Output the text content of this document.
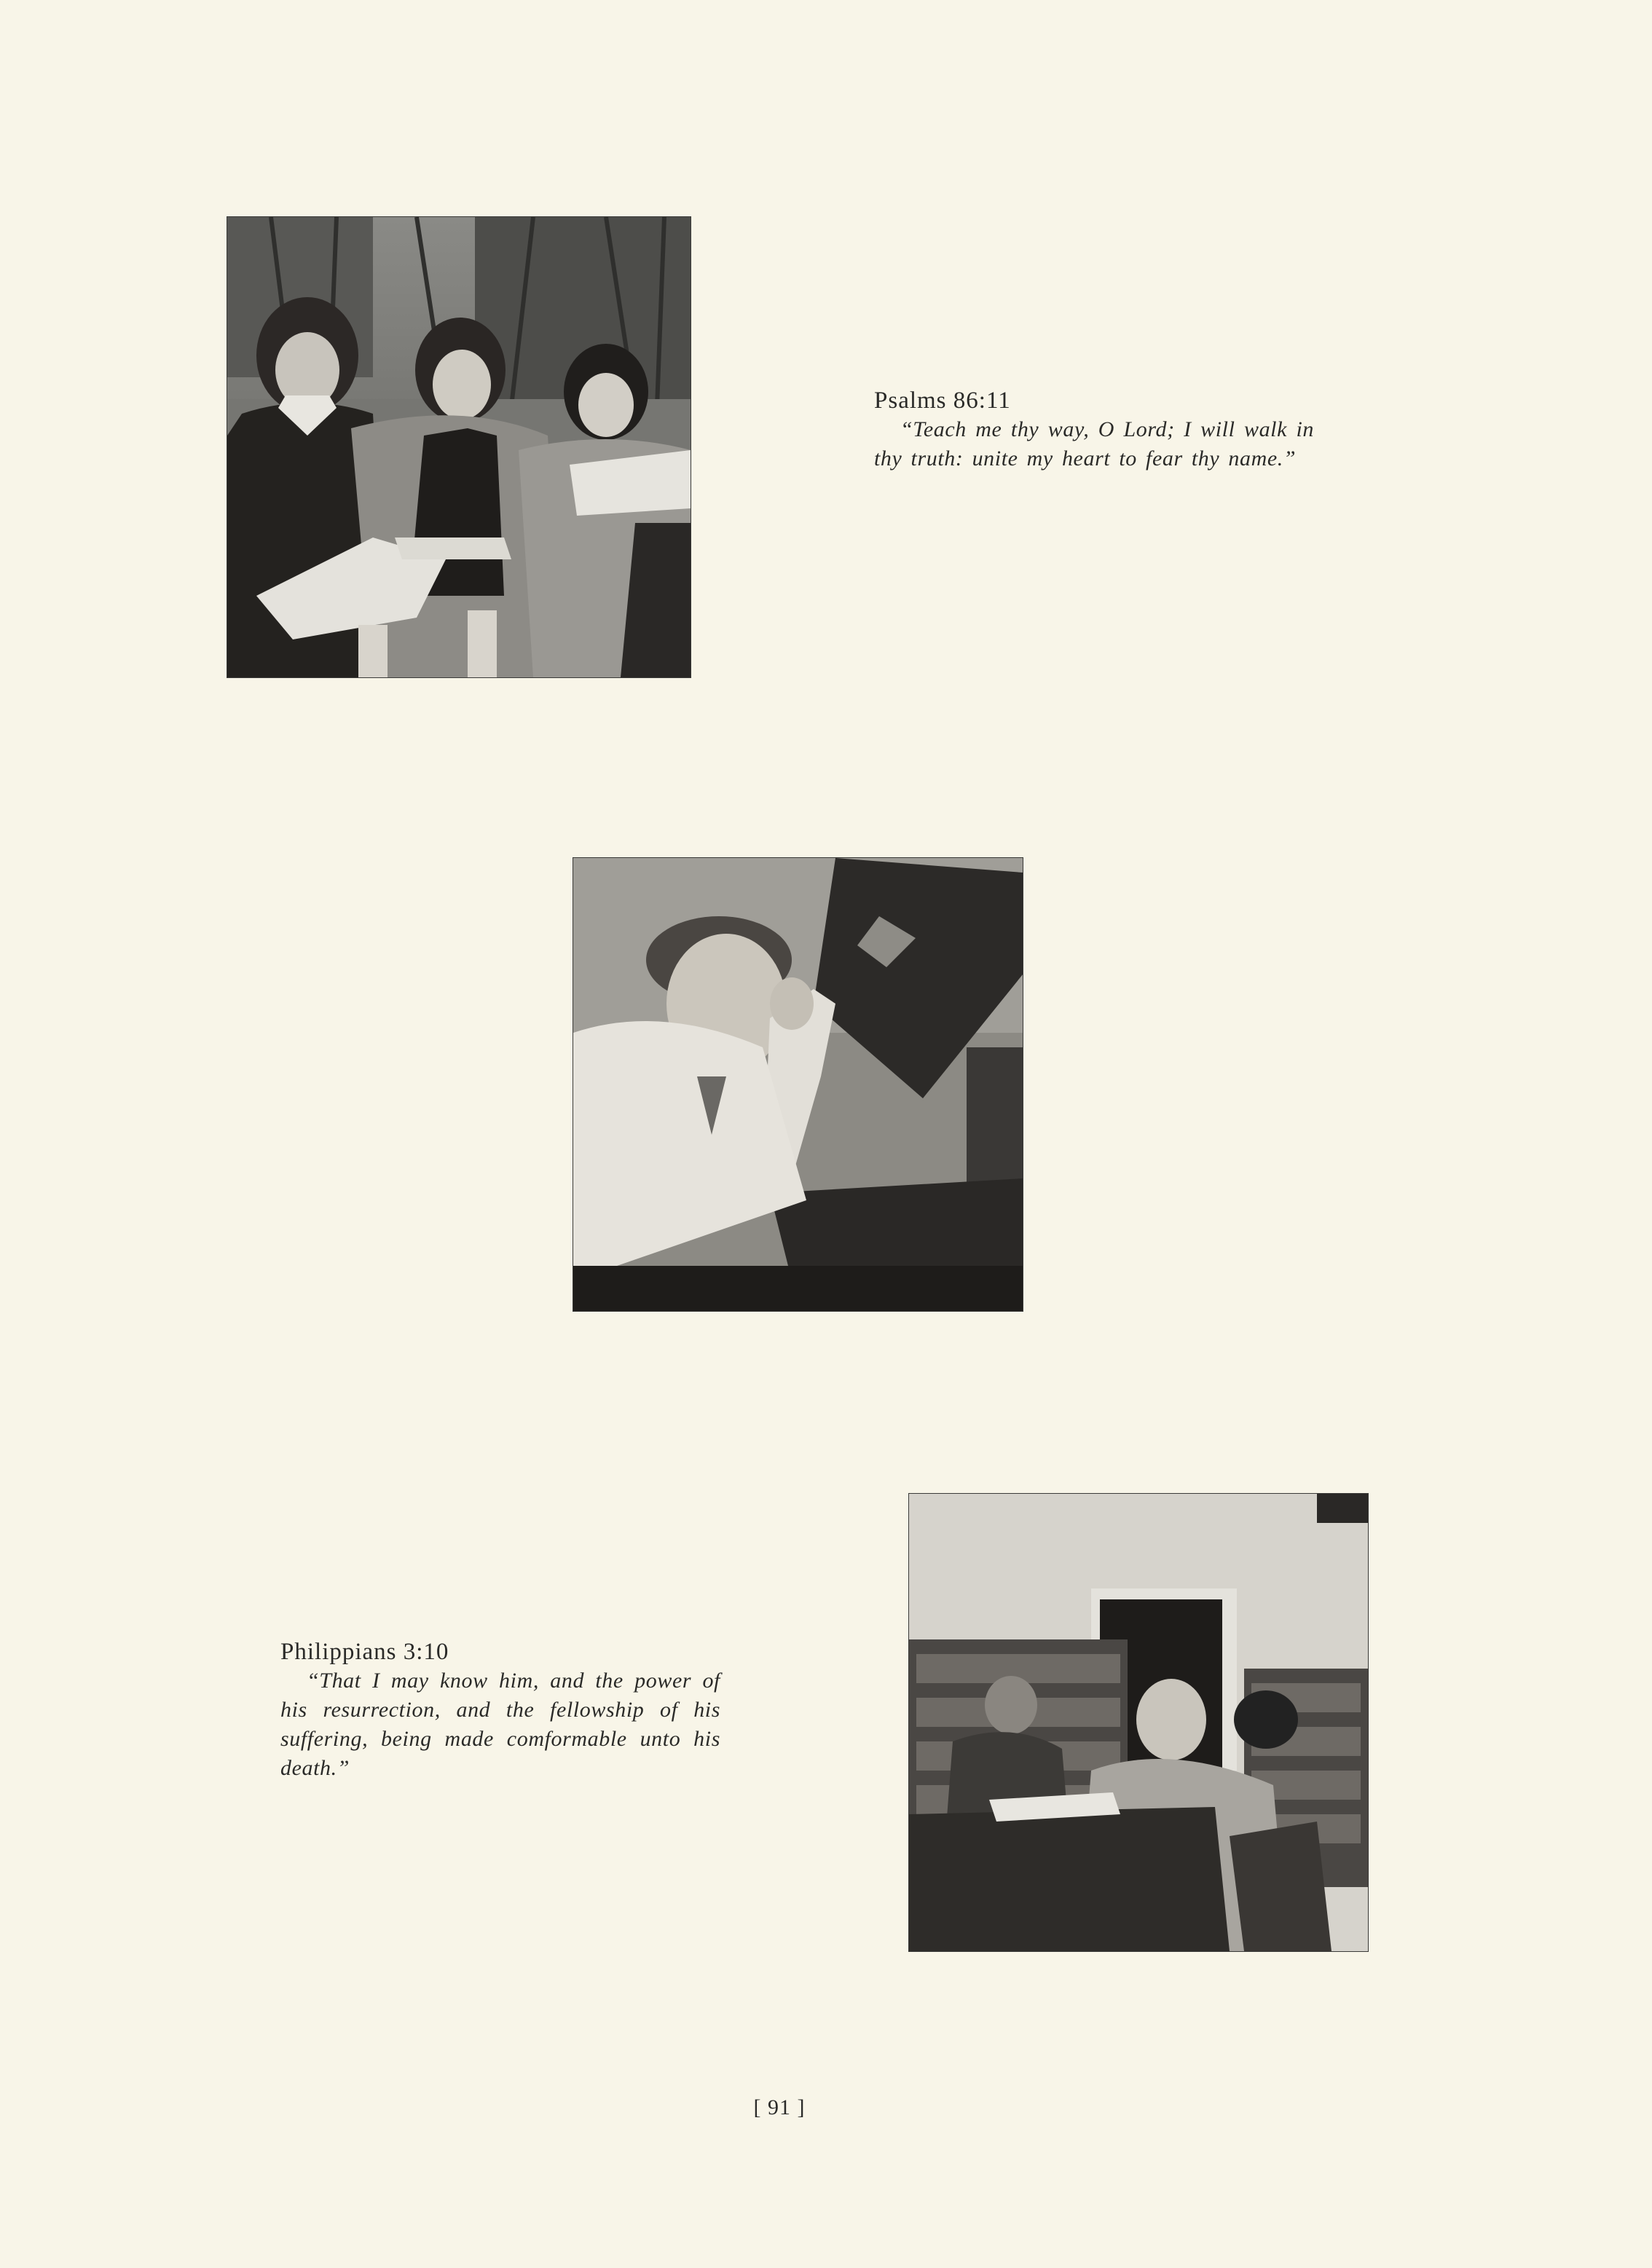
Psalms 86:11
“Teach me thy way, O Lord; I will walk in thy truth: unite my heart to fear thy name.”
Philippians 3:10
“That I may know him, and the power of his resurrection, and the fellowship of his suffering, being made comformable unto his death.”
[ 91 ]
